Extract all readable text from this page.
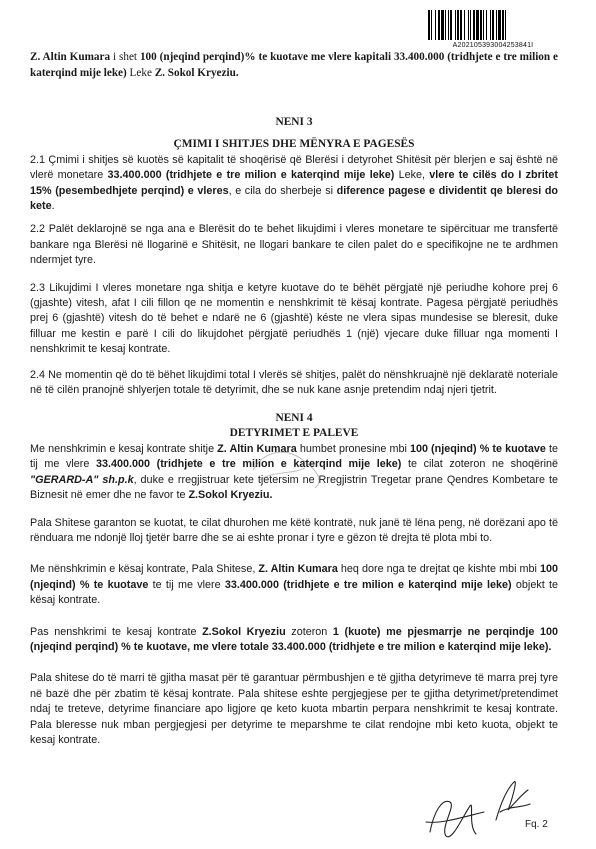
A202105393004253841I

Z. Altin Kumara i shet 100 (njeqind perqind)% te kuotave me vlere kapitali 33.400.000 (tridhjete e tre milion e katerqind mije leke) Leke Z. Sokol Kryeziu.

NENI 3

ÇMIMI I SHITJES DHE MËNYRA E PAGESËS

2.1 Çmimi i shitjes së kuotës së kapitalit të shoqërisë që Blerësi i detyrohet Shitësit për blerjen e saj është në vlerë monetare 33.400.000 (tridhjete e tre milion e katerqind mije leke) Leke, vlere te cilës do I zbritet 15% (pesembedhjete perqind) e vleres, e cila do sherbeje si diference pagese e dividentit qe bleresi do kete.

2.2 Palët deklarojnë se nga ana e Blerësit do te behet likujdimi i vleres monetare te sipërcituar me transfertë bankare nga Blerësi në llogarinë e Shitësit, ne llogari bankare te cilen palet do e specifikojne ne te ardhmen ndermjet tyre.

2.3 Likujdimi I vleres monetare nga shitja e ketyre kuotave do te bëhët përgjatë një periudhe kohore prej 6 (gjashte) vitesh, afat I cili fillon qe ne momentin e nenshkrimit të kësaj kontrate. Pagesa përgjatë periudhës prej 6 (gjashtë) vitesh do të behet e ndarë ne 6 (gjashtë) késte ne vlera sipas mundesise se bleresit, duke filluar me kestin e parë I cili do likujdohet përgjatë periudhës 1 (një) vjecare duke filluar nga momenti I nenshkrimit te kesaj kontrate.

2.4 Ne momentin që do të bëhet likujdimi total I vlerës së shitjes, palët do nënshkruajnë një deklaratë noteriale në të cilën pranojnë shlyerjen totale të detyrimit, dhe se nuk kane asnje pretendim ndaj njeri tjetrit.

NENI 4

DETYRIMET E PALEVE

Me nenshkrimin e kesaj kontrate shitje Z. Altin Kumara humbet pronesine mbi 100 (njeqind) % te kuotave te tij me vlere 33.400.000 (tridhjete e tre milion e katerqind mije leke) te cilat zoteron ne shoqërinë "GERARD-A" sh.p.k, duke e rregjistruar kete tjetersim ne Rregjistrin Tregetar prane Qendres Kombetare te Biznesit në emer dhe ne favor te Z.Sokol Kryeziu.

Pala Shitese garanton se kuotat, te cilat dhurohen me këtë kontratë, nuk janë të lëna peng, në dorëzani apo të rënduara me ndonjë lloj tjetër barre dhe se ai eshte pronar i tyre e gëzon të drejta të plota mbi to.

Me nënshkrimin e kësaj kontrate, Pala Shitese, Z. Altin Kumara heq dore nga te drejtat qe kishte mbi mbi 100 (njeqind) % te kuotave te tij me vlere 33.400.000 (tridhjete e tre milion e katerqind mije leke) objekt te kësaj kontrate.

Pas nenshkrimi te kesaj kontrate Z.Sokol Kryeziu zoteron 1 (kuote) me pjesmarrje ne perqindje 100 (njeqind perqind) % te kuotave, me vlere totale 33.400.000 (tridhjete e tre milion e katerqind mije leke).

Pala shitese do të marri të gjitha masat për të garantuar përmbushjen e të gjitha detyrimeve të marra prej tyre në bazë dhe për zbatim të kësaj kontrate. Pala shitese eshte pergjegjese per te gjitha detyrimet/pretendimet ndaj te treteve, detyrime financiare apo ligjore qe keto kuota mbartin perpara nenshkrimit te kesaj kontrate. Pala bleresse nuk mban pergjegjesi per detyrime te meparshme te cilat rendojne mbi keto kuota, objekt te kesaj kontrate.

Fq. 2
